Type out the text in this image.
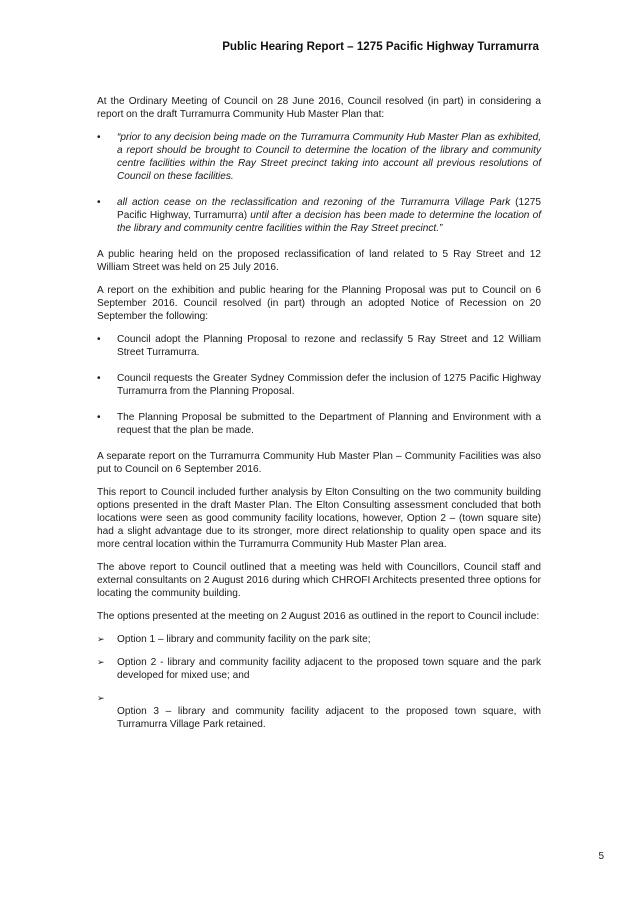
Public Hearing Report – 1275 Pacific Highway Turramurra

At the Ordinary Meeting of Council on 28 June 2016, Council resolved (in part) in considering a report on the draft Turramurra Community Hub Master Plan that:

• “prior to any decision being made on the Turramurra Community Hub Master Plan as exhibited, a report should be brought to Council to determine the location of the library and community centre facilities within the Ray Street precinct taking into account all previous resolutions of Council on these facilities.
• all action cease on the reclassification and rezoning of the Turramurra Village Park (1275 Pacific Highway, Turramurra) until after a decision has been made to determine the location of the library and community centre facilities within the Ray Street precinct.”

A public hearing held on the proposed reclassification of land related to 5 Ray Street and 12 William Street was held on 25 July 2016.

A report on the exhibition and public hearing for the Planning Proposal was put to Council on 6 September 2016. Council resolved (in part) through an adopted Notice of Recession on 20 September the following:

• Council adopt the Planning Proposal to rezone and reclassify 5 Ray Street and 12 William Street Turramurra.
• Council requests the Greater Sydney Commission defer the inclusion of 1275 Pacific Highway Turramurra from the Planning Proposal.
• The Planning Proposal be submitted to the Department of Planning and Environment with a request that the plan be made.

A separate report on the Turramurra Community Hub Master Plan – Community Facilities was also put to Council on 6 September 2016.

This report to Council included further analysis by Elton Consulting on the two community building options presented in the draft Master Plan. The Elton Consulting assessment concluded that both locations were seen as good community facility locations, however, Option 2 – (town square site) had a slight advantage due to its stronger, more direct relationship to quality open space and its more central location within the Turramurra Community Hub Master Plan area.

The above report to Council outlined that a meeting was held with Councillors, Council staff and external consultants on 2 August 2016 during which CHROFI Architects presented three options for locating the community building.

The options presented at the meeting on 2 August 2016 as outlined in the report to Council include:

➢ Option 1 – library and community facility on the park site;
➢ Option 2 - library and community facility adjacent to the proposed town square and the park developed for mixed use; and
➢
Option 3 – library and community facility adjacent to the proposed town square, with Turramurra Village Park retained.
5
